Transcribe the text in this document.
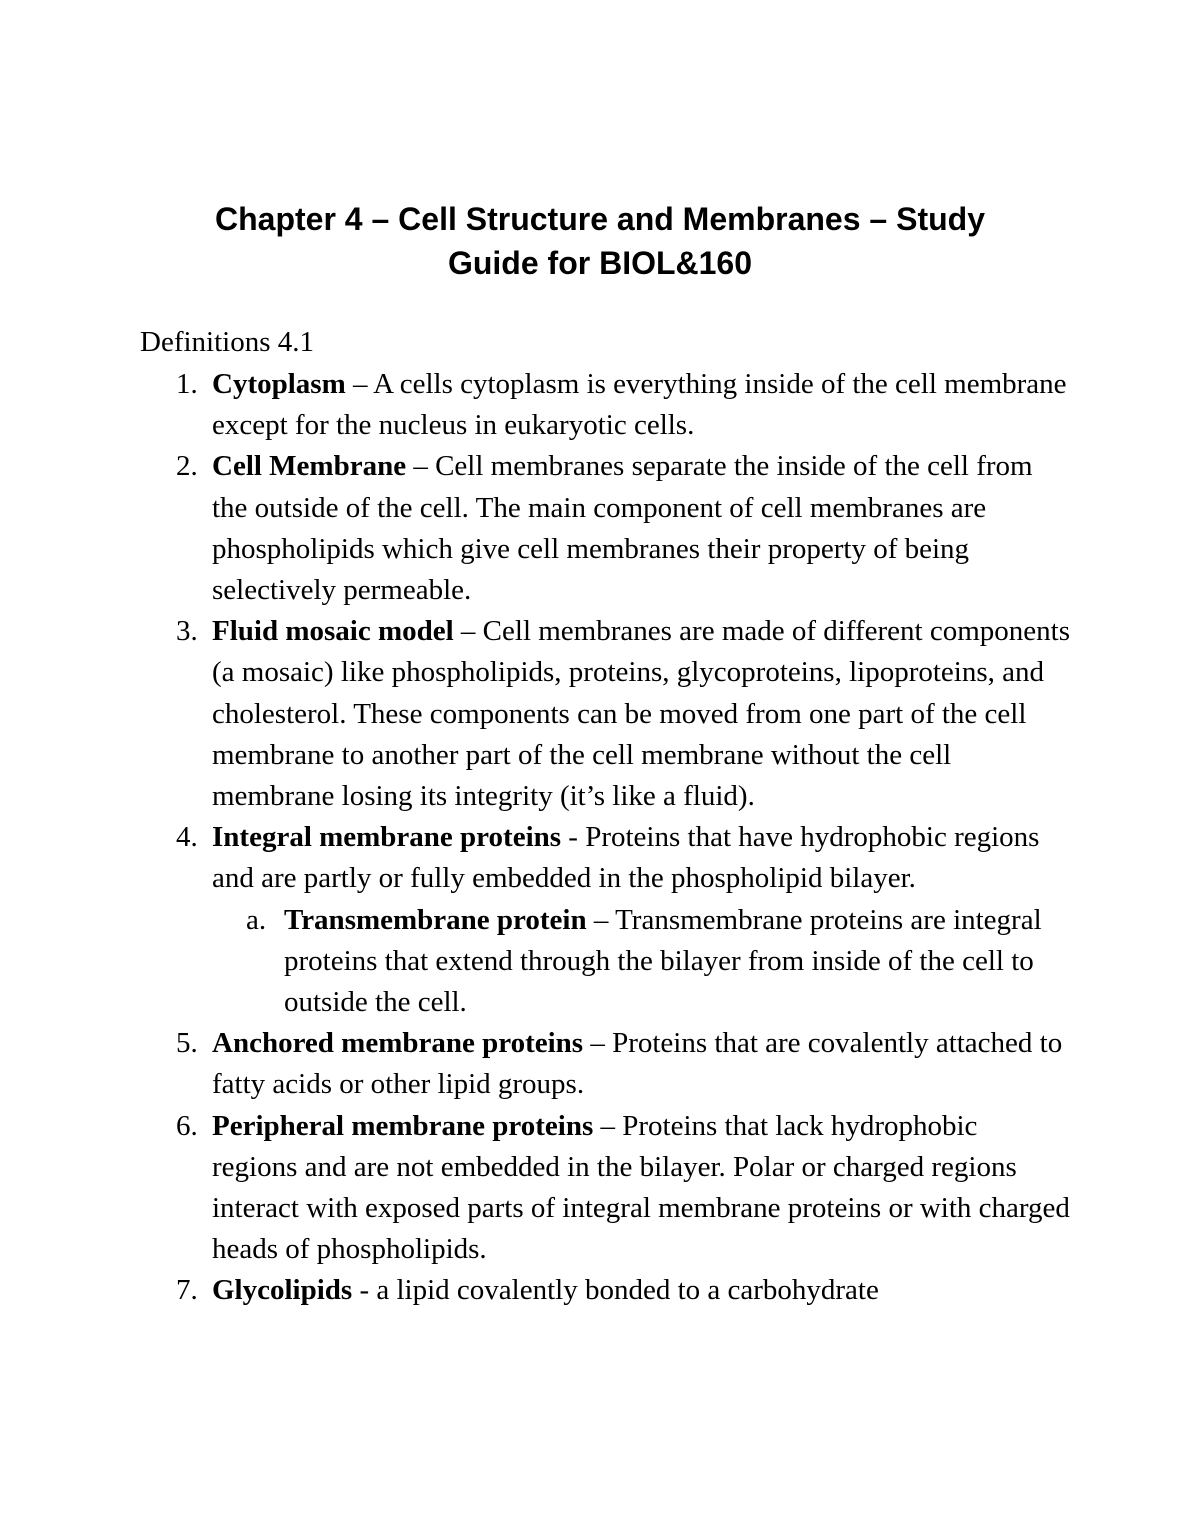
Chapter 4 – Cell Structure and Membranes – Study
Guide for BIOL&160

Definitions 4.1

1. Cytoplasm – A cells cytoplasm is everything inside of the cell membrane except for the nucleus in eukaryotic cells.
2. Cell Membrane – Cell membranes separate the inside of the cell from the outside of the cell. The main component of cell membranes are phospholipids which give cell membranes their property of being selectively permeable.
3. Fluid mosaic model – Cell membranes are made of different components (a mosaic) like phospholipids, proteins, glycoproteins, lipoproteins, and cholesterol. These components can be moved from one part of the cell membrane to another part of the cell membrane without the cell membrane losing its integrity (it’s like a fluid).
4. Integral membrane proteins - Proteins that have hydrophobic regions and are partly or fully embedded in the phospholipid bilayer.
a. Transmembrane protein – Transmembrane proteins are integral proteins that extend through the bilayer from inside of the cell to outside the cell.
5. Anchored membrane proteins – Proteins that are covalently attached to fatty acids or other lipid groups.
6. Peripheral membrane proteins – Proteins that lack hydrophobic regions and are not embedded in the bilayer. Polar or charged regions interact with exposed parts of integral membrane proteins or with charged heads of phospholipids.
7. Glycolipids - a lipid covalently bonded to a carbohydrate
